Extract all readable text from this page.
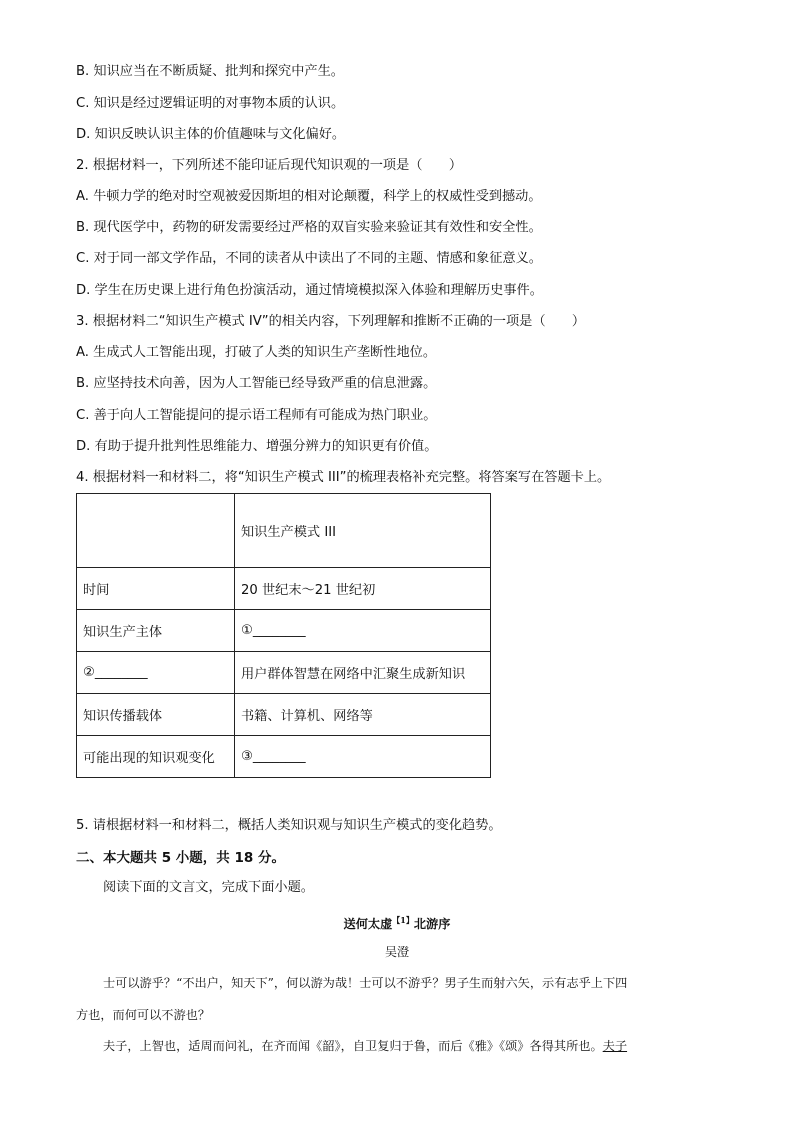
B. 知识应当在不断质疑、批判和探究中产生。
C. 知识是经过逻辑证明的对事物本质的认识。
D. 知识反映认识主体的价值趣味与文化偏好。
2. 根据材料一，下列所述不能印证后现代知识观的一项是（　　）
A. 牛顿力学的绝对时空观被爱因斯坦的相对论颠覆，科学上的权威性受到撼动。
B. 现代医学中，药物的研发需要经过严格的双盲实验来验证其有效性和安全性。
C. 对于同一部文学作品，不同的读者从中读出了不同的主题、情感和象征意义。
D. 学生在历史课上进行角色扮演活动，通过情境模拟深入体验和理解历史事件。
3. 根据材料二“知识生产模式 IV”的相关内容，下列理解和推断不正确的一项是（　　）
A. 生成式人工智能出现，打破了人类的知识生产垄断性地位。
B. 应坚持技术向善，因为人工智能已经导致严重的信息泄露。
C. 善于向人工智能提问的提示语工程师有可能成为热门职业。
D. 有助于提升批判性思维能力、增强分辨力的知识更有价值。
4. 根据材料一和材料二，将“知识生产模式 III”的梳理表格补充完整。将答案写在答题卡上。
	知识生产模式 III
时间	20 世纪末～21 世纪初
知识生产主体	①________
②________	用户群体智慧在网络中汇聚生成新知识
知识传播载体	书籍、计算机、网络等
可能出现的知识观变化	③________
5. 请根据材料一和材料二，概括人类知识观与知识生产模式的变化趋势。
二、本大题共 5 小题，共 18 分。
阅读下面的文言文，完成下面小题。
送何太虚$^{【1】}$北游序
吴澄
士可以游乎？“不出户，知天下”，何以游为哉！士可以不游乎？男子生而射六矢，示有志乎上下四
方也，而何可以不游也？
夫子，上智也，适周而问礼，在齐而闻《韶》，自卫复归于鲁，而后《雅》《颂》各得其所也。夫子
